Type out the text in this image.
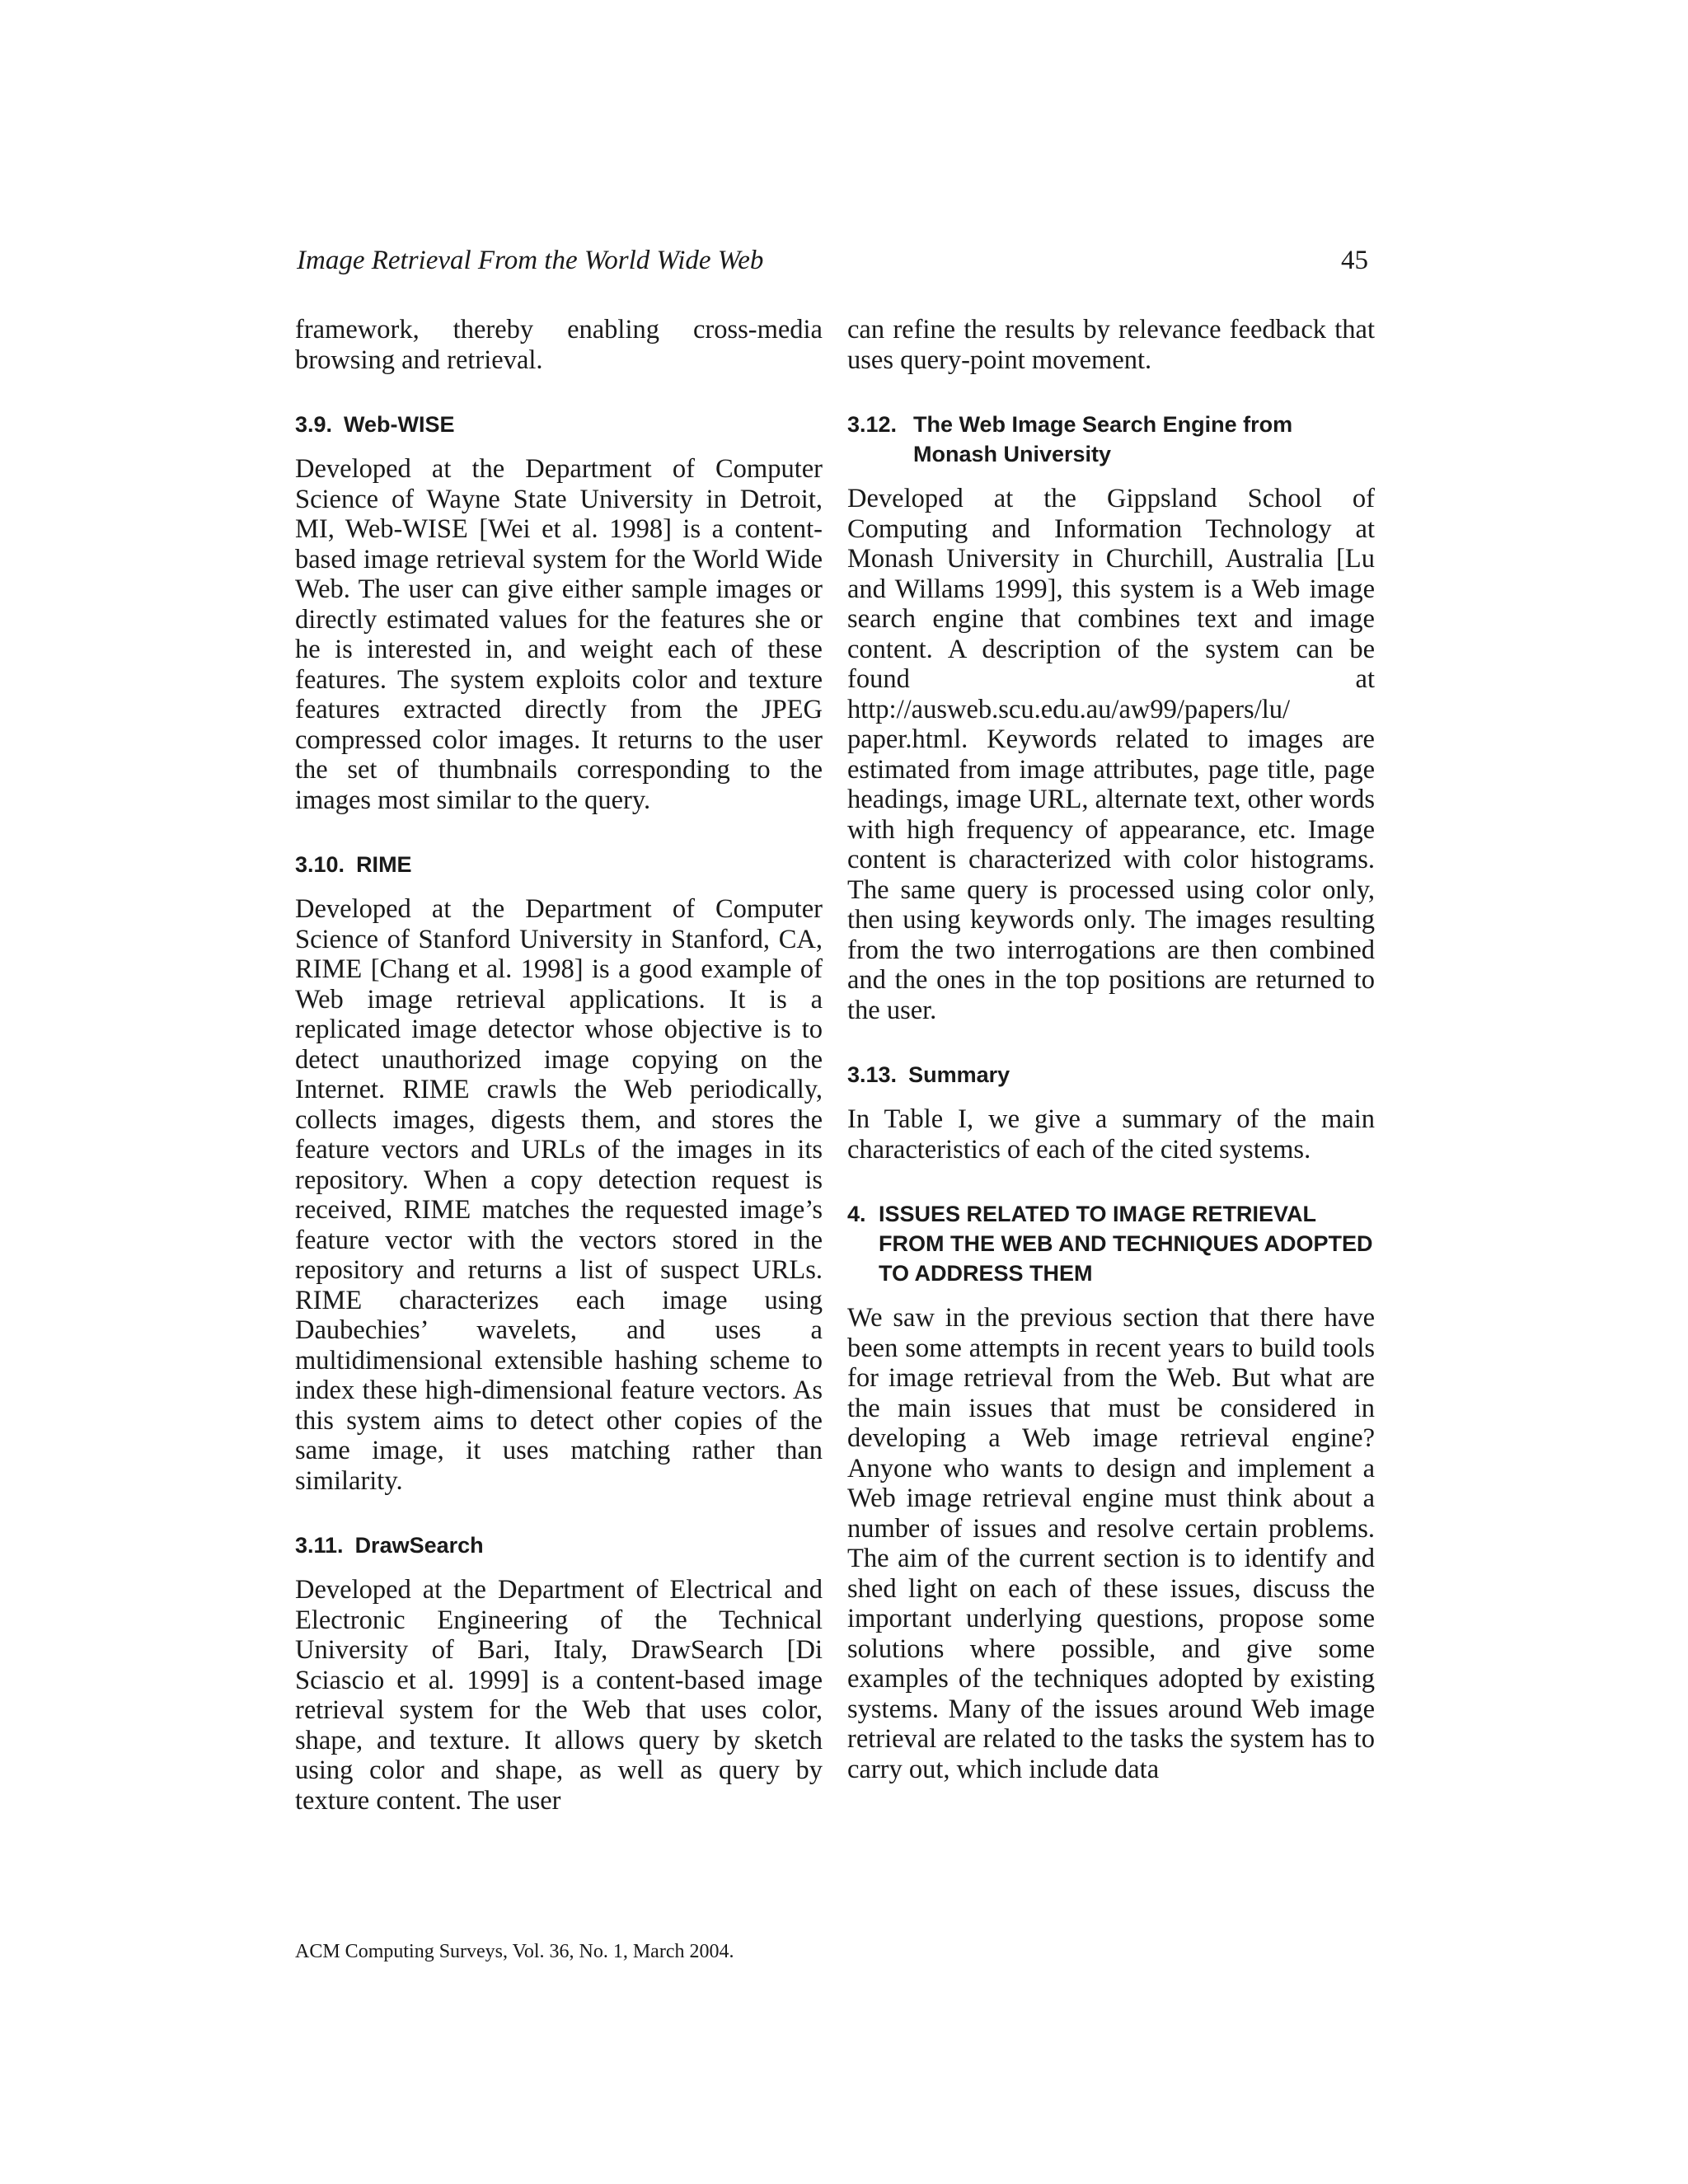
Image Retrieval From the World Wide Web	45

framework, thereby enabling cross-media browsing and retrieval.

3.9. Web-WISE

Developed at the Department of Computer Science of Wayne State University in Detroit, MI, Web-WISE [Wei et al. 1998] is a content-based image retrieval system for the World Wide Web. The user can give either sample images or directly estimated values for the features she or he is interested in, and weight each of these features. The system exploits color and texture features extracted directly from the JPEG compressed color images. It returns to the user the set of thumbnails corresponding to the images most similar to the query.

3.10. RIME

Developed at the Department of Computer Science of Stanford University in Stanford, CA, RIME [Chang et al. 1998] is a good example of Web image retrieval applications. It is a replicated image detector whose objective is to detect unauthorized image copying on the Internet. RIME crawls the Web periodically, collects images, digests them, and stores the feature vectors and URLs of the images in its repository. When a copy detection request is received, RIME matches the requested image’s feature vector with the vectors stored in the repository and returns a list of suspect URLs. RIME characterizes each image using Daubechies’ wavelets, and uses a multidimensional extensible hashing scheme to index these high-dimensional feature vectors. As this system aims to detect other copies of the same image, it uses matching rather than similarity.

3.11. DrawSearch

Developed at the Department of Electrical and Electronic Engineering of the Technical University of Bari, Italy, DrawSearch [Di Sciascio et al. 1999] is a content-based image retrieval system for the Web that uses color, shape, and texture. It allows query by sketch using color and shape, as well as query by texture content. The user

can refine the results by relevance feedback that uses query-point movement.

3.12. The Web Image Search Engine from Monash University

Developed at the Gippsland School of Computing and Information Technology at Monash University in Churchill, Australia [Lu and Willams 1999], this system is a Web image search engine that combines text and image content. A description of the system can be found at http://ausweb.scu.edu.au/aw99/papers/lu/ paper.html. Keywords related to images are estimated from image attributes, page title, page headings, image URL, alternate text, other words with high frequency of appearance, etc. Image content is characterized with color histograms. The same query is processed using color only, then using keywords only. The images resulting from the two interrogations are then combined and the ones in the top positions are returned to the user.

3.13. Summary

In Table I, we give a summary of the main characteristics of each of the cited systems.

4. ISSUES RELATED TO IMAGE RETRIEVAL FROM THE WEB AND TECHNIQUES ADOPTED TO ADDRESS THEM

We saw in the previous section that there have been some attempts in recent years to build tools for image retrieval from the Web. But what are the main issues that must be considered in developing a Web image retrieval engine? Anyone who wants to design and implement a Web image retrieval engine must think about a number of issues and resolve certain problems. The aim of the current section is to identify and shed light on each of these issues, discuss the important underlying questions, propose some solutions where possible, and give some examples of the techniques adopted by existing systems. Many of the issues around Web image retrieval are related to the tasks the system has to carry out, which include data

ACM Computing Surveys, Vol. 36, No. 1, March 2004.
